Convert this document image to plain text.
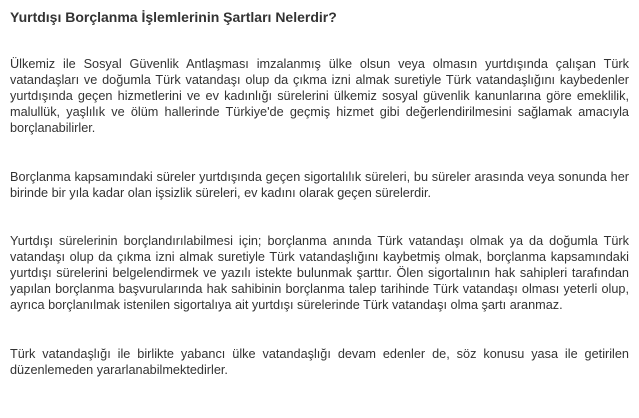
Yurtdışı Borçlanma İşlemlerinin Şartları Nelerdir?

Ülkemiz ile Sosyal Güvenlik Antlaşması imzalanmış ülke olsun veya olmasın yurtdışında çalışan Türk vatandaşları ve doğumla Türk vatandaşı olup da çıkma izni almak suretiyle Türk vatandaşlığını kaybedenler yurtdışında geçen hizmetlerini ve ev kadınlığı sürelerini ülkemiz sosyal güvenlik kanunlarına göre emeklilik, malullük, yaşlılık ve ölüm hallerinde Türkiye'de geçmiş hizmet gibi değerlendirilmesini sağlamak amacıyla borçlanabilirler.

Borçlanma kapsamındaki süreler yurtdışında geçen sigortalılık süreleri, bu süreler arasında veya sonunda her birinde bir yıla kadar olan işsizlik süreleri, ev kadını olarak geçen sürelerdir.

Yurtdışı sürelerinin borçlandırılabilmesi için; borçlanma anında Türk vatandaşı olmak ya da doğumla Türk vatandaşı olup da çıkma izni almak suretiyle Türk vatandaşlığını kaybetmiş olmak, borçlanma kapsamındaki yurtdışı sürelerini belgelendirmek ve yazılı istekte bulunmak şarttır. Ölen sigortalının hak sahipleri tarafından yapılan borçlanma başvurularında hak sahibinin borçlanma talep tarihinde Türk vatandaşı olması yeterli olup, ayrıca borçlanılmak istenilen sigortalıya ait yurtdışı sürelerinde Türk vatandaşı olma şartı aranmaz.

Türk vatandaşlığı ile birlikte yabancı ülke vatandaşlığı devam edenler de, söz konusu yasa ile getirilen düzenlemeden yararlanabilmektedirler.
